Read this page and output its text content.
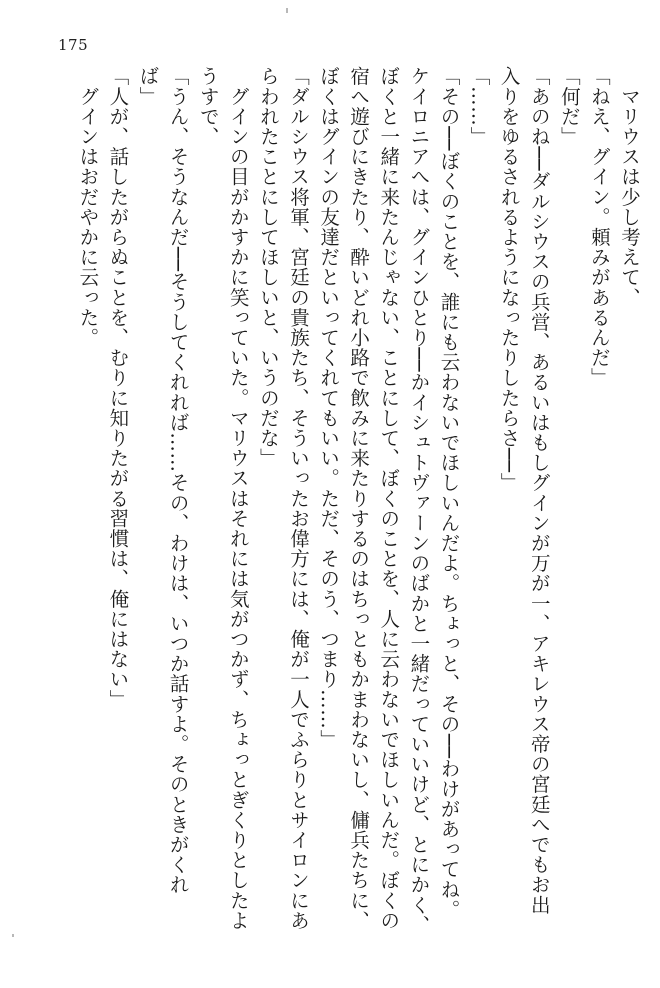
175

　マリウスは少し考えて、

「ねえ、グイン。頼みがあるんだ」

「何だ」

「あのね──ダルシウスの兵営、あるいはもしグインが万が一、アキレウス帝の宮廷へでもお出

入りをゆるされるようになったりしたらさ──」

「……」

「その──ぼくのことを、誰にも云わないでほしいんだよ。ちょっと、その──わけがあってね。

ケイロニアへは、グインひとり──かイシュトヴァーンのばかと一緒だっていいけど、とにかく、

ぼくと一緒に来たんじゃない、ことにして、ぼくのことを、人に云わないでほしいんだ。ぼくの

宿へ遊びにきたり、酔いどれ小路で飲みに来たりするのはちっともかまわないし、傭兵たちに、

ぼくはグインの友達だといってくれてもいい。ただ、そのう、つまり……」

「ダルシウス将軍、宮廷の貴族たち、そういったお偉方には、俺が一人でふらりとサイロンにあ

らわれたことにしてほしいと、いうのだな」

　グインの目がかすかに笑っていた。マリウスはそれには気がつかず、ちょっとぎくりとしたよ

うすで、

「うん、そうなんだ──そうしてくれれば……その、わけは、いつか話すよ。そのときがくれ

ば」

「人が、話したがらぬことを、むりに知りたがる習慣は、俺にはない」

　グインはおだやかに云った。
